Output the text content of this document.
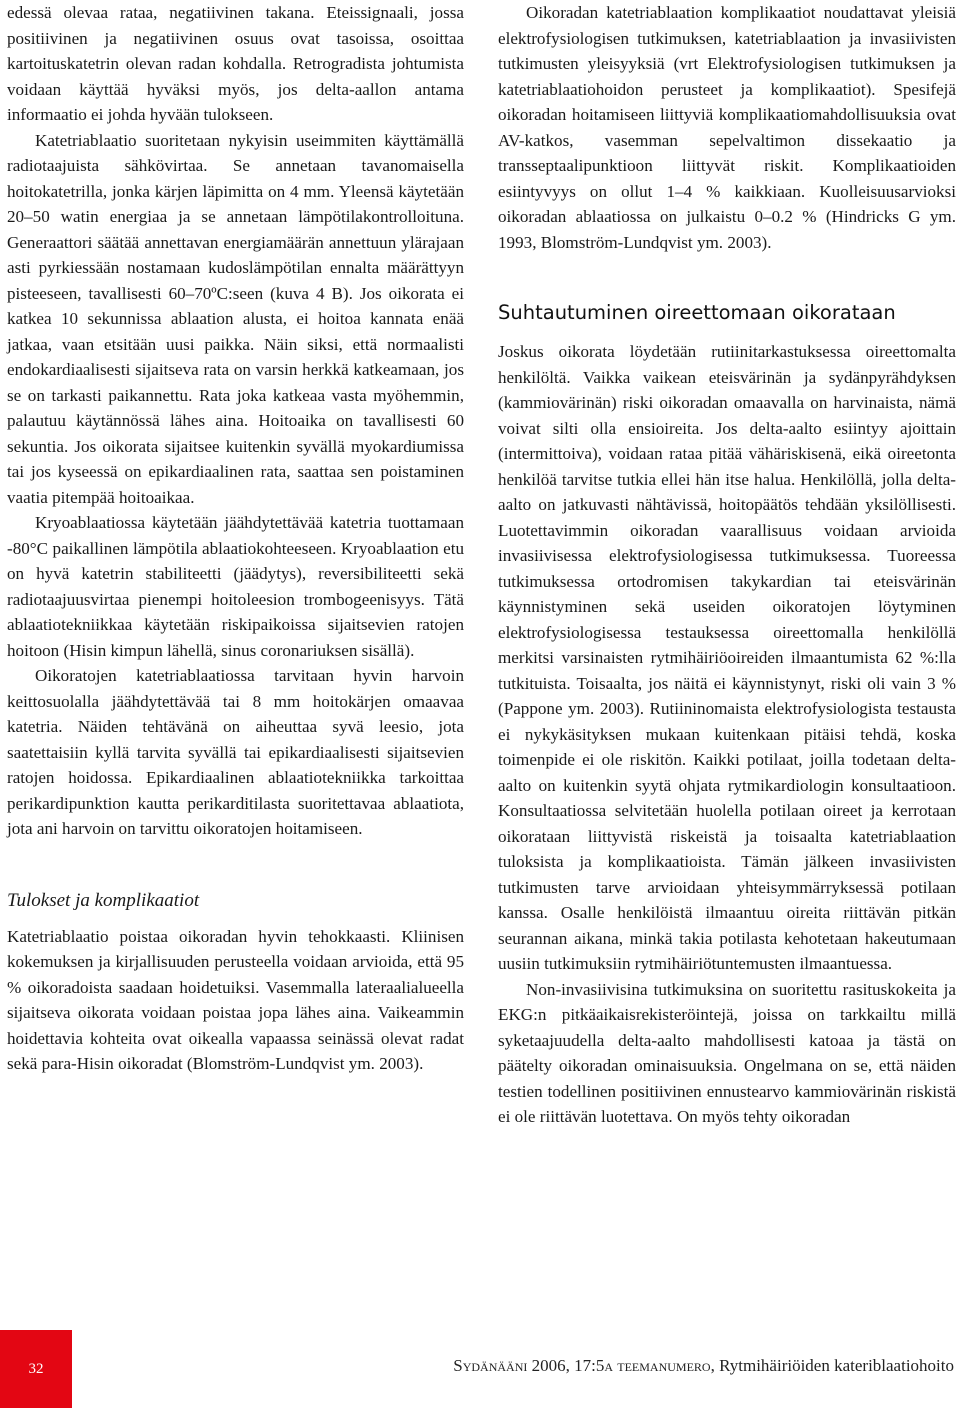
edessä olevaa rataa, negatiivinen takana. Eteissignaali, jossa positiivinen ja negatiivinen osuus ovat tasoissa, osoittaa kartoituskatetrin olevan radan kohdalla. Retrogradista johtumista voidaan käyttää hyväksi myös, jos delta-aallon antama informaatio ei johda hyvään tulokseen.

Katetriablaatio suoritetaan nykyisin useimmiten käyttämällä radiotaajuista sähkövirtaa. Se annetaan tavanomaisella hoitokatetrilla, jonka kärjen läpimitta on 4 mm. Yleensä käytetään 20–50 watin energiaa ja se annetaan lämpötilakontrolloituna. Generaattori säätää annettavan energiamäärän annettuun ylärajaan asti pyrkiessään nostamaan kudoslämpötilan ennalta määrättyyn pisteeseen, tavallisesti 60–70ºC:seen (kuva 4 B). Jos oikorata ei katkea 10 sekunnissa ablaation alusta, ei hoitoa kannata enää jatkaa, vaan etsitään uusi paikka. Näin siksi, että normaalisti endokardiaalisesti sijaitseva rata on varsin herkkä katkeamaan, jos se on tarkasti paikannettu. Rata joka katkeaa vasta myöhemmin, palautuu käytännössä lähes aina. Hoitoaika on tavallisesti 60 sekuntia. Jos oikorata sijaitsee kuitenkin syvällä myokardiumissa tai jos kyseessä on epikardiaalinen rata, saattaa sen poistaminen vaatia pitempää hoitoaikaa.

Kryoablaatiossa käytetään jäähdytettävää katetria tuottamaan -80°C paikallinen lämpötila ablaatiokohteeseen. Kryoablaation etu on hyvä katetrin stabiliteetti (jäädytys), reversibiliteetti sekä radiotaajuusvirtaa pienempi hoitoleesion trombogeenisyys. Tätä ablaatiotekniikkaa käytetään riskipaikoissa sijaitsevien ratojen hoitoon (Hisin kimpun lähellä, sinus coronariuksen sisällä).

Oikoratojen katetriablaatiossa tarvitaan hyvin harvoin keittosuolalla jäähdytettävää tai 8 mm hoitokärjen omaavaa katetria. Näiden tehtävänä on aiheuttaa syvä leesio, jota saatettaisiin kyllä tarvita syvällä tai epikardiaalisesti sijaitsevien ratojen hoidossa. Epikardiaalinen ablaatiotekniikka tarkoittaa perikardipunktion kautta perikarditilasta suoritettavaa ablaatiota, jota ani harvoin on tarvittu oikoratojen hoitamiseen.

Tulokset ja komplikaatiot

Katetriablaatio poistaa oikoradan hyvin tehokkaasti. Kliinisen kokemuksen ja kirjallisuuden perusteella voidaan arvioida, että 95 % oikoradoista saadaan hoidetuiksi. Vasemmalla lateraalialueella sijaitseva oikorata voidaan poistaa jopa lähes aina. Vaikeammin hoidettavia kohteita ovat oikealla vapaassa seinässä olevat radat sekä para-Hisin oikoradat (Blomström-Lundqvist ym. 2003).

Oikoradan katetriablaation komplikaatiot noudattavat yleisiä elektrofysiologisen tutkimuksen, katetriablaation ja invasiivisten tutkimusten yleisyyksiä (vrt Elektrofysiologisen tutkimuksen ja katetriablaatiohoidon perusteet ja komplikaatiot). Spesifejä oikoradan hoitamiseen liittyviä komplikaatiomahdollisuuksia ovat AV-katkos, vasemman sepelvaltimon dissekaatio ja transseptaalipunktioon liittyvät riskit. Komplikaatioiden esiintyvyys on ollut 1–4 % kaikkiaan. Kuolleisuusarvioksi oikoradan ablaatiossa on julkaistu 0–0.2 % (Hindricks G ym. 1993, Blomström-Lundqvist ym. 2003).

Suhtautuminen oireettomaan oikorataan

Joskus oikorata löydetään rutiinitarkastuksessa oireettomalta henkilöltä. Vaikka vaikean eteisvärinän ja sydänpyrähdyksen (kammiovärinän) riski oikoradan omaavalla on harvinaista, nämä voivat silti olla ensioireita. Jos delta-aalto esiintyy ajoittain (intermittoiva), voidaan rataa pitää vähäriskisenä, eikä oireetonta henkilöä tarvitse tutkia ellei hän itse halua. Henkilöllä, jolla delta-aalto on jatkuvasti nähtävissä, hoitopäätös tehdään yksilöllisesti. Luotettavimmin oikoradan vaarallisuus voidaan arvioida invasiivisessa elektrofysiologisessa tutkimuksessa. Tuoreessa tutkimuksessa ortodromisen takykardian tai eteisvärinän käynnistyminen sekä useiden oikoratojen löytyminen elektrofysiologisessa testauksessa oireettomalla henkilöllä merkitsi varsinaisten rytmihäiriöoireiden ilmaantumista 62 %:lla tutkituista. Toisaalta, jos näitä ei käynnistynyt, riski oli vain 3 % (Pappone ym. 2003). Rutiininomaista elektrofysiologista testausta ei nykykäsityksen mukaan kuitenkaan pitäisi tehdä, koska toimenpide ei ole riskitön. Kaikki potilaat, joilla todetaan delta-aalto on kuitenkin syytä ohjata rytmikardiologin konsultaatioon. Konsultaatiossa selvitetään huolella potilaan oireet ja kerrotaan oikorataan liittyvistä riskeistä ja toisaalta katetriablaation tuloksista ja komplikaatioista. Tämän jälkeen invasiivisten tutkimusten tarve arvioidaan yhteisymmärryksessä potilaan kanssa. Osalle henkilöistä ilmaantuu oireita riittävän pitkän seurannan aikana, minkä takia potilasta kehotetaan hakeutumaan uusiin tutkimuksiin rytmihäiriötuntemusten ilmaantuessa.

Non-invasiivisina tutkimuksina on suoritettu rasituskokeita ja EKG:n pitkäaikaisrekisteröintejä, joissa on tarkkailtu millä syketaajuudella delta-aalto mahdollisesti katoaa ja tästä on päätelty oikoradan ominaisuuksia. Ongelmana on se, että näiden testien todellinen positiivinen ennustearvo kammiovärinän riskistä ei ole riittävän luotettava. On myös tehty oikoradan

32	Sydänääni 2006, 17:5a teemanumero, Rytmihäiriöiden kateriblaatiohoito
